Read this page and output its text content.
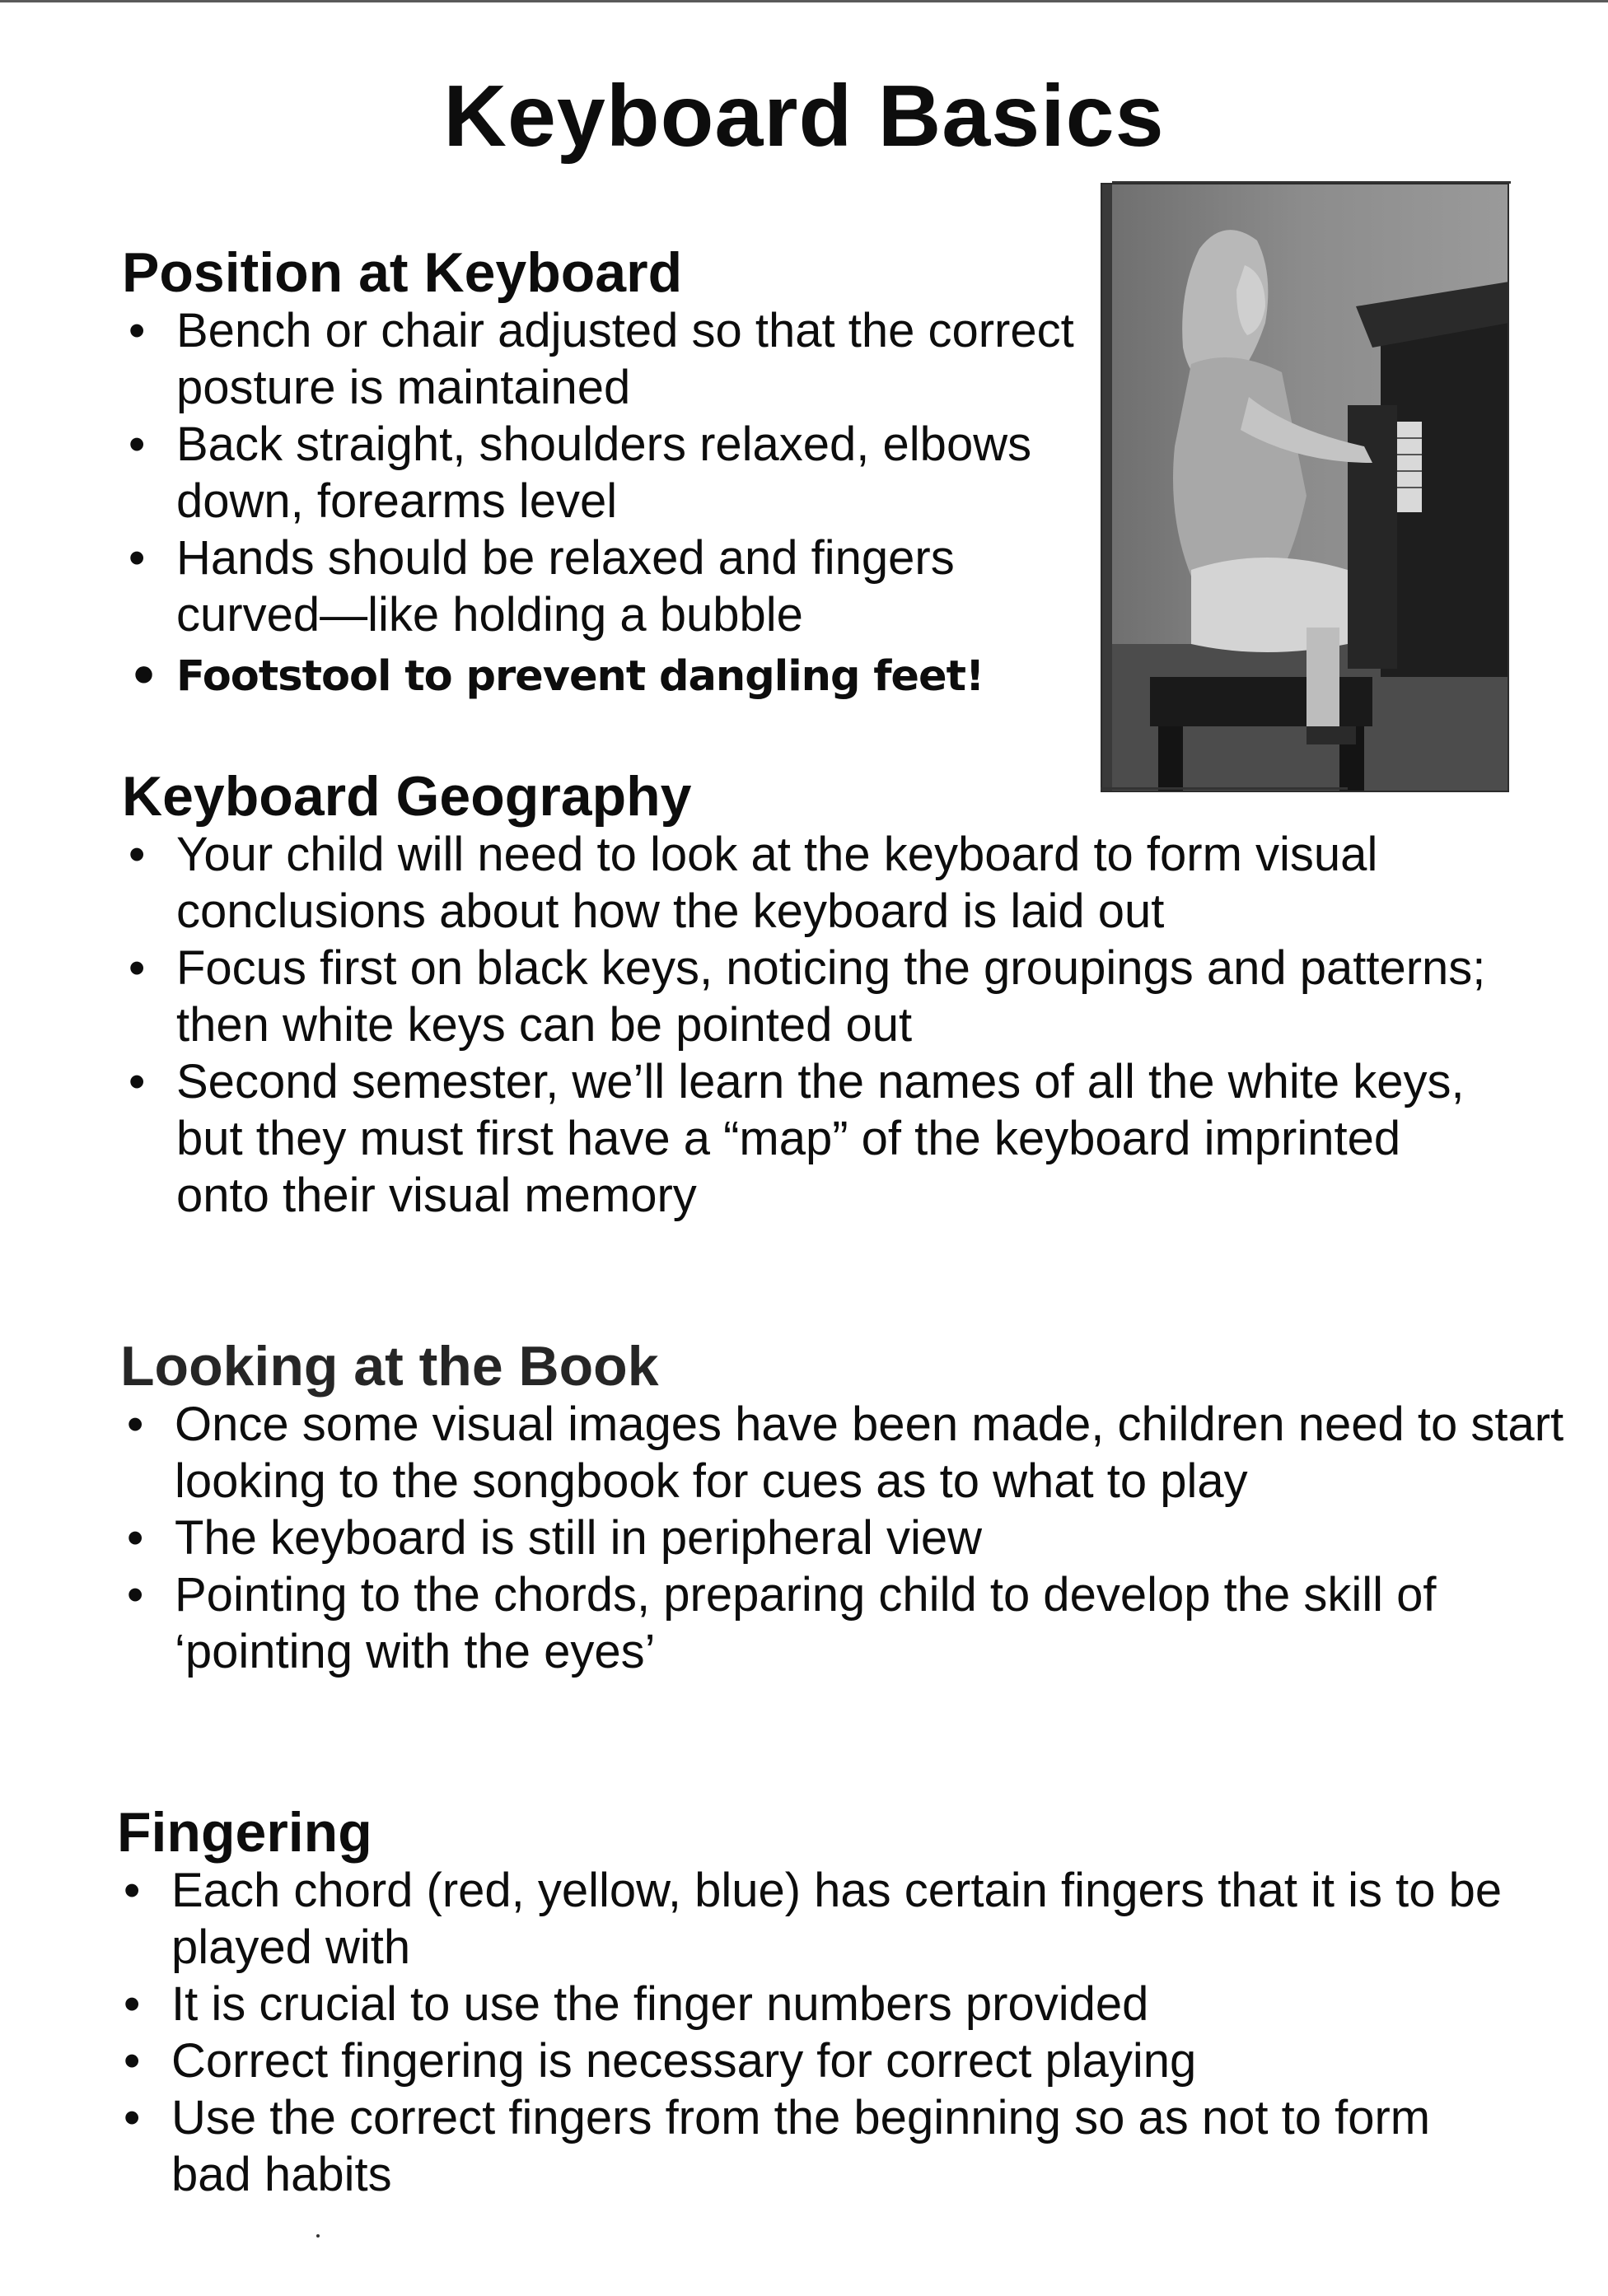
Keyboard Basics
Position at Keyboard
• Bench or chair adjusted so that the correct posture is maintained
• Back straight, shoulders relaxed, elbows down, forearms level
• Hands should be relaxed and fingers curved—like holding a bubble
• Footstool to prevent dangling feet!
Keyboard Geography
• Your child will need to look at the keyboard to form visual conclusions about how the keyboard is laid out
• Focus first on black keys, noticing the groupings and patterns; then white keys can be pointed out
• Second semester, we’ll learn the names of all the white keys, but they must first have a “map” of the keyboard imprinted onto their visual memory
Looking at the Book
• Once some visual images have been made, children need to start looking to the songbook for cues as to what to play
• The keyboard is still in peripheral view
• Pointing to the chords, preparing child to develop the skill of ‘pointing with the eyes’
Fingering
• Each chord (red, yellow, blue) has certain fingers that it is to be played with
• It is crucial to use the finger numbers provided
• Correct fingering is necessary for correct playing
• Use the correct fingers from the beginning so as not to form bad habits
